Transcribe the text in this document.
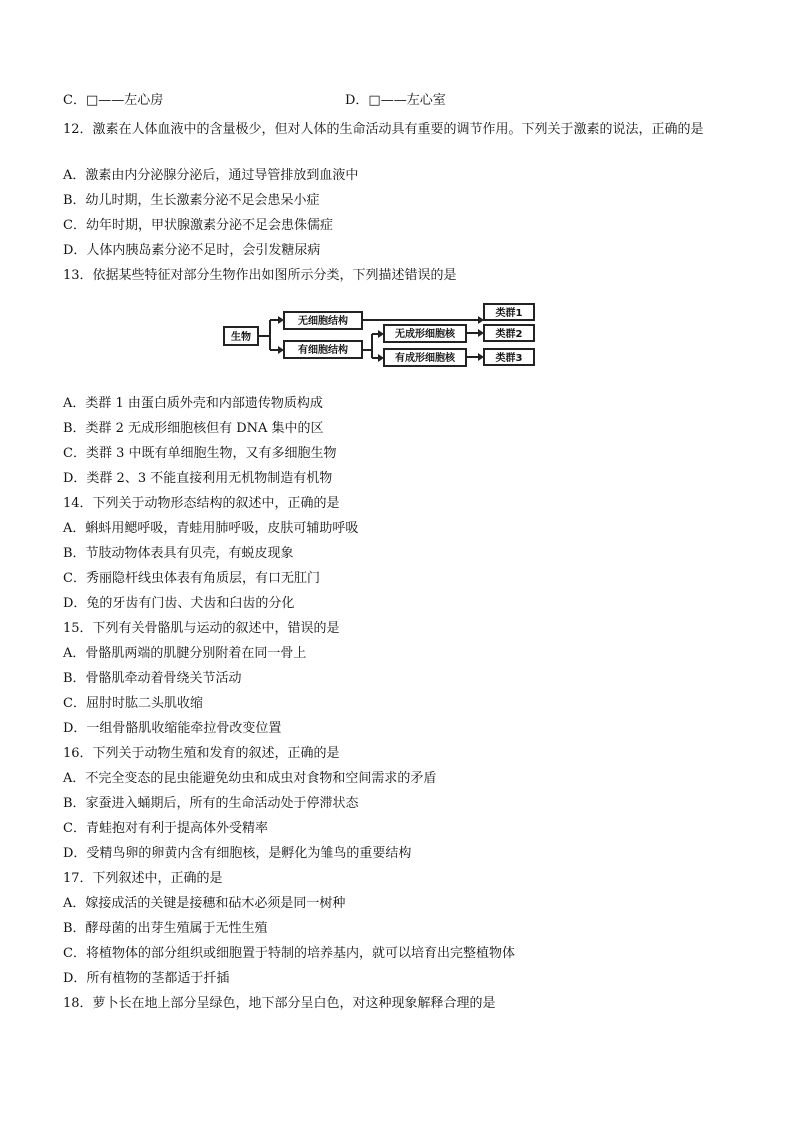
C．□——左心房	D．□——左心室
12．激素在人体血液中的含量极少，但对人体的生命活动具有重要的调节作用。下列关于激素的说法，正确的是
A．激素由内分泌腺分泌后，通过导管排放到血液中
B．幼儿时期，生长激素分泌不足会患呆小症
C．幼年时期，甲状腺激素分泌不足会患侏儒症
D．人体内胰岛素分泌不足时，会引发糖尿病
13．依据某些特征对部分生物作出如图所示分类，下列描述错误的是
生物
无细胞结构
有细胞结构
无成形细胞核
有成形细胞核
类群1
类群2
类群3
A．类群 1 由蛋白质外壳和内部遗传物质构成
B．类群 2 无成形细胞核但有 DNA 集中的区
C．类群 3 中既有单细胞生物，又有多细胞生物
D．类群 2、3 不能直接利用无机物制造有机物
14．下列关于动物形态结构的叙述中，正确的是
A．蝌蚪用鳃呼吸，青蛙用肺呼吸，皮肤可辅助呼吸
B．节肢动物体表具有贝壳，有蜕皮现象
C．秀丽隐杆线虫体表有角质层，有口无肛门
D．兔的牙齿有门齿、犬齿和臼齿的分化
15．下列有关骨骼肌与运动的叙述中，错误的是
A．骨骼肌两端的肌腱分别附着在同一骨上
B．骨骼肌牵动着骨绕关节活动
C．屈肘时肱二头肌收缩
D．一组骨骼肌收缩能牵拉骨改变位置
16．下列关于动物生殖和发育的叙述，正确的是
A．不完全变态的昆虫能避免幼虫和成虫对食物和空间需求的矛盾
B．家蚕进入蛹期后，所有的生命活动处于停滞状态
C．青蛙抱对有利于提高体外受精率
D．受精鸟卵的卵黄内含有细胞核，是孵化为雏鸟的重要结构
17．下列叙述中，正确的是
A．嫁接成活的关键是接穗和砧木必须是同一树种
B．酵母菌的出芽生殖属于无性生殖
C．将植物体的部分组织或细胞置于特制的培养基内，就可以培育出完整植物体
D．所有植物的茎都适于扦插
18．萝卜长在地上部分呈绿色，地下部分呈白色，对这种现象解释合理的是
